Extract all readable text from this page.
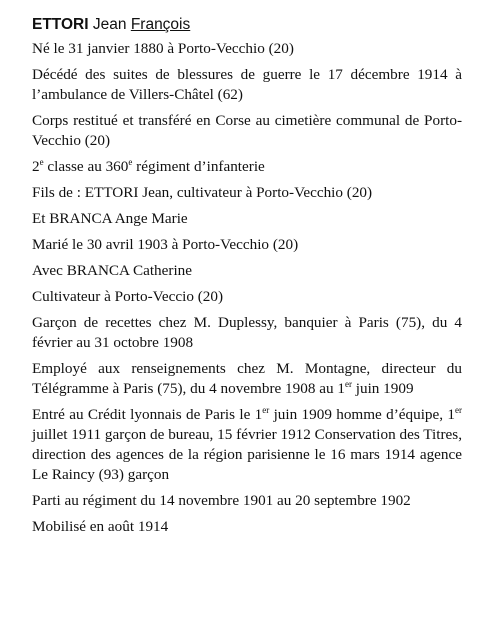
ETTORI Jean François

Né le 31 janvier 1880 à Porto-Vecchio (20)

Décédé des suites de blessures de guerre le 17 décembre 1914 à l’ambulance de Villers-Châtel (62)

Corps restitué et transféré en Corse au cimetière communal de Porto-Vecchio (20)

2e classe au 360e régiment d’infanterie

Fils de : ETTORI Jean, cultivateur à Porto-Vecchio (20)

Et BRANCA Ange Marie

Marié le 30 avril 1903 à Porto-Vecchio (20)

Avec BRANCA Catherine

Cultivateur à Porto-Veccio (20)

Garçon de recettes chez M. Duplessy, banquier à Paris (75), du 4 février au 31 octobre 1908

Employé aux renseignements chez M. Montagne, directeur du Télégramme à Paris (75), du 4 novembre 1908 au 1er juin 1909

Entré au Crédit lyonnais de Paris le 1er juin 1909 homme d’équipe, 1er juillet 1911 garçon de bureau, 15 février 1912 Conservation des Titres, direction des agences de la région parisienne le 16 mars 1914 agence Le Raincy (93) garçon

Parti au régiment du 14 novembre 1901 au 20 septembre 1902

Mobilisé en août 1914
